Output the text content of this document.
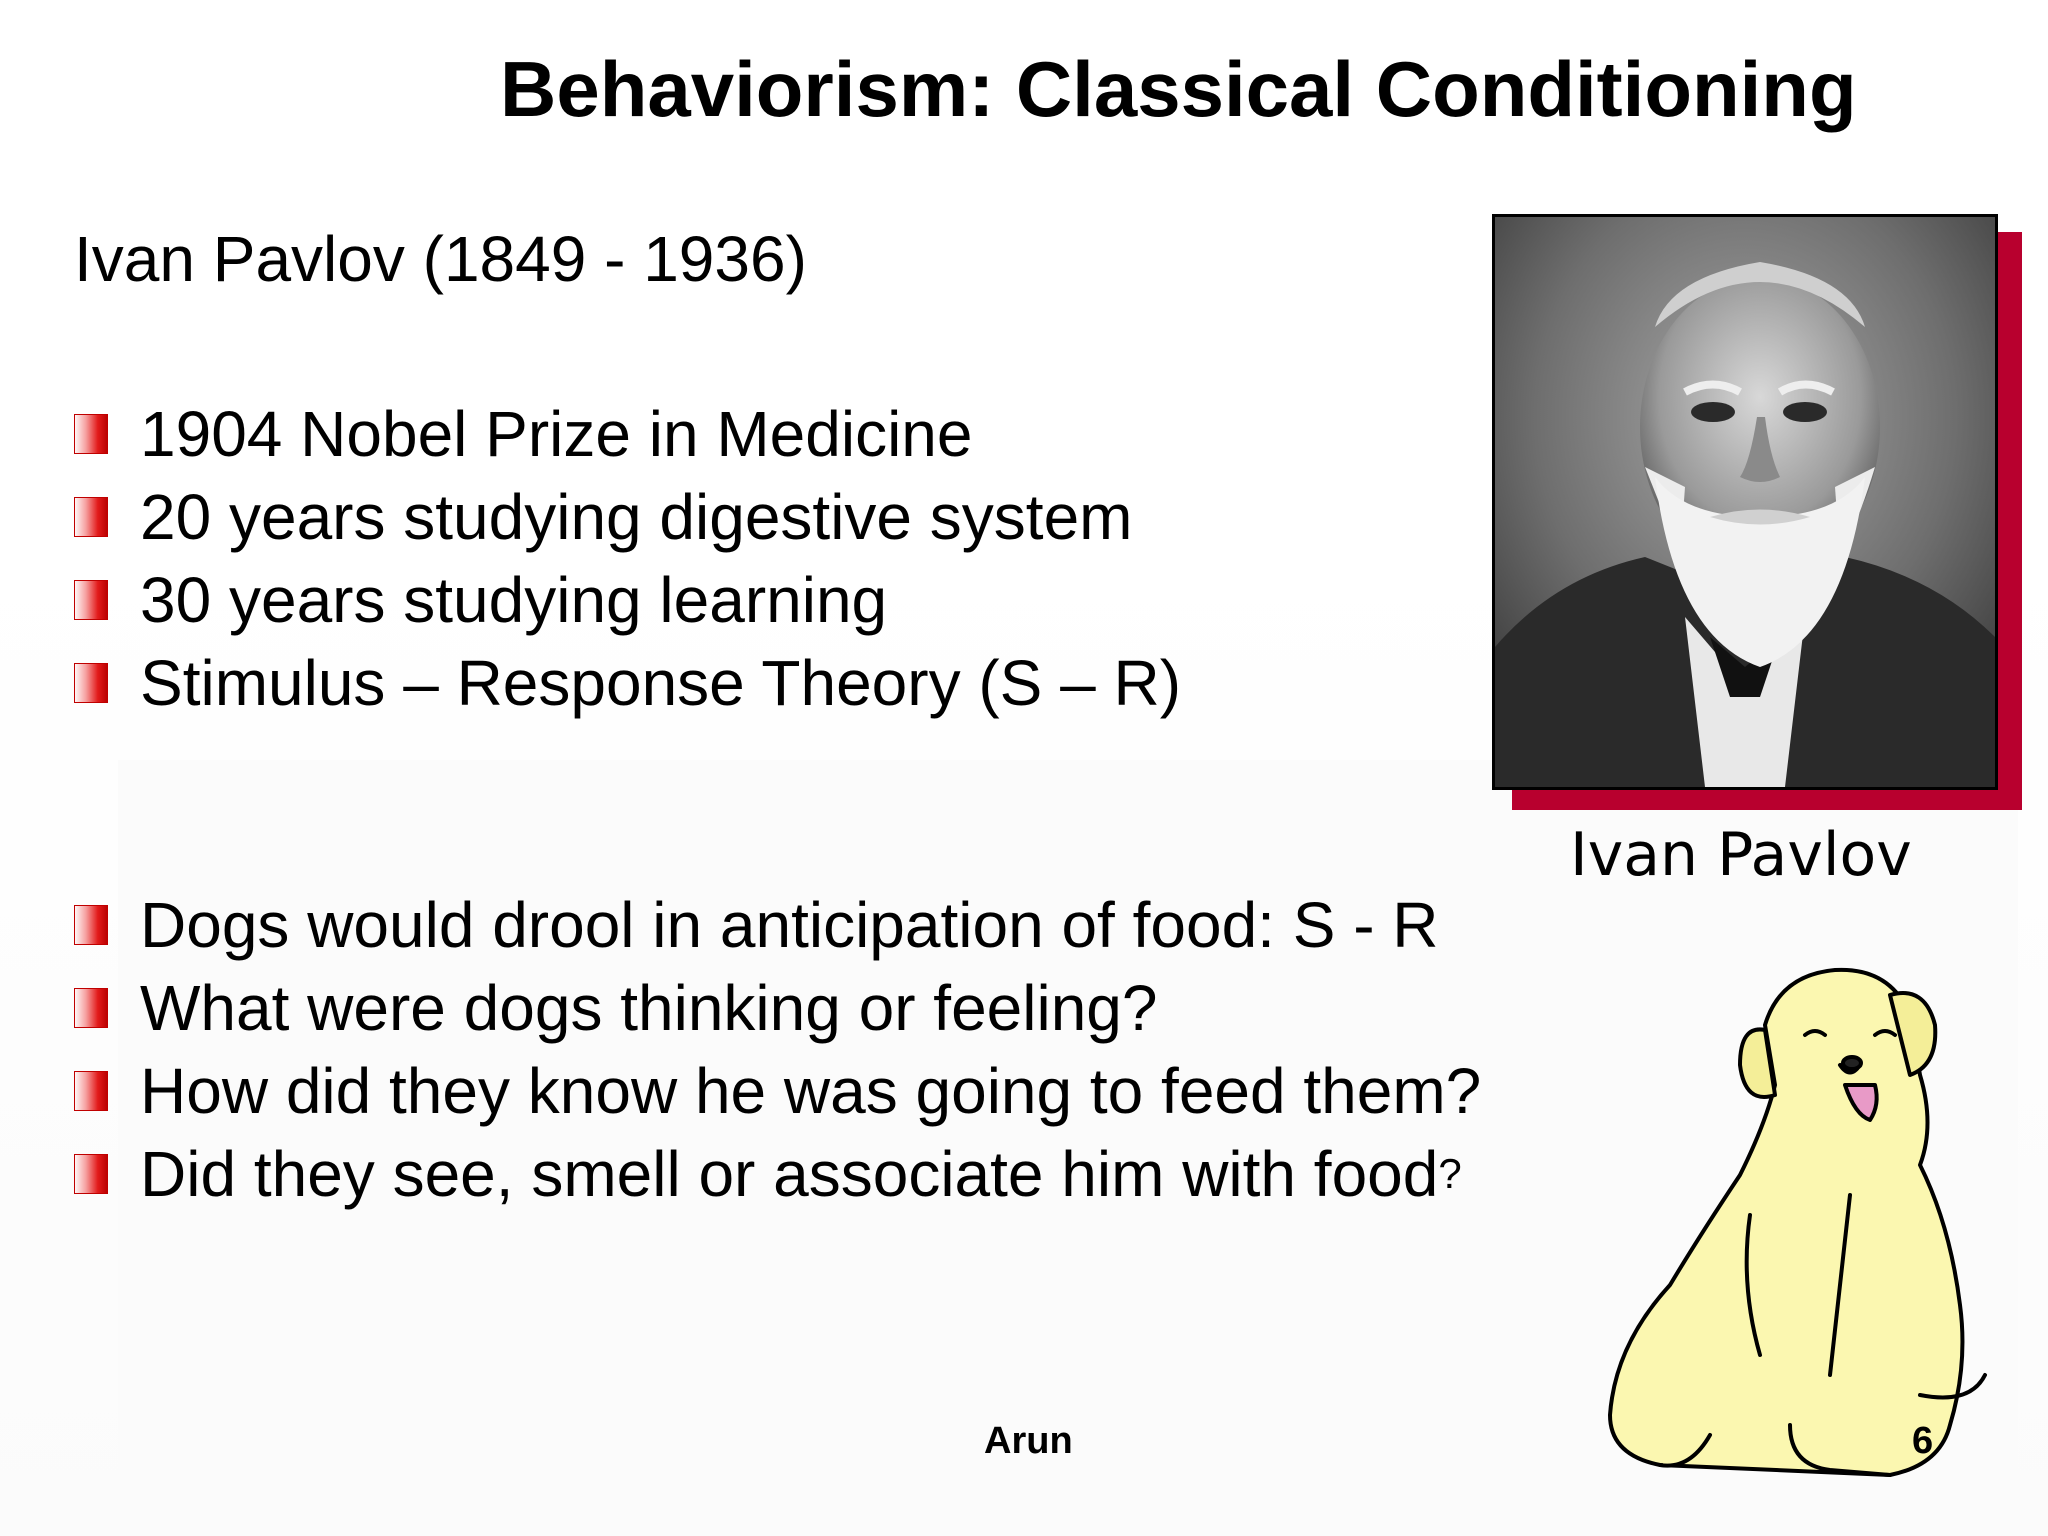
Behaviorism: Classical Conditioning
Ivan Pavlov (1849 - 1936)
1904 Nobel Prize in Medicine
20 years studying digestive system
30 years studying learning
Stimulus – Response Theory (S – R)
Dogs would drool in anticipation of food: S - R
What were dogs thinking or feeling?
How did they know he was going to feed them?
Did they see, smell or associate him with food ?
Ivan Pavlov
Arun	6
